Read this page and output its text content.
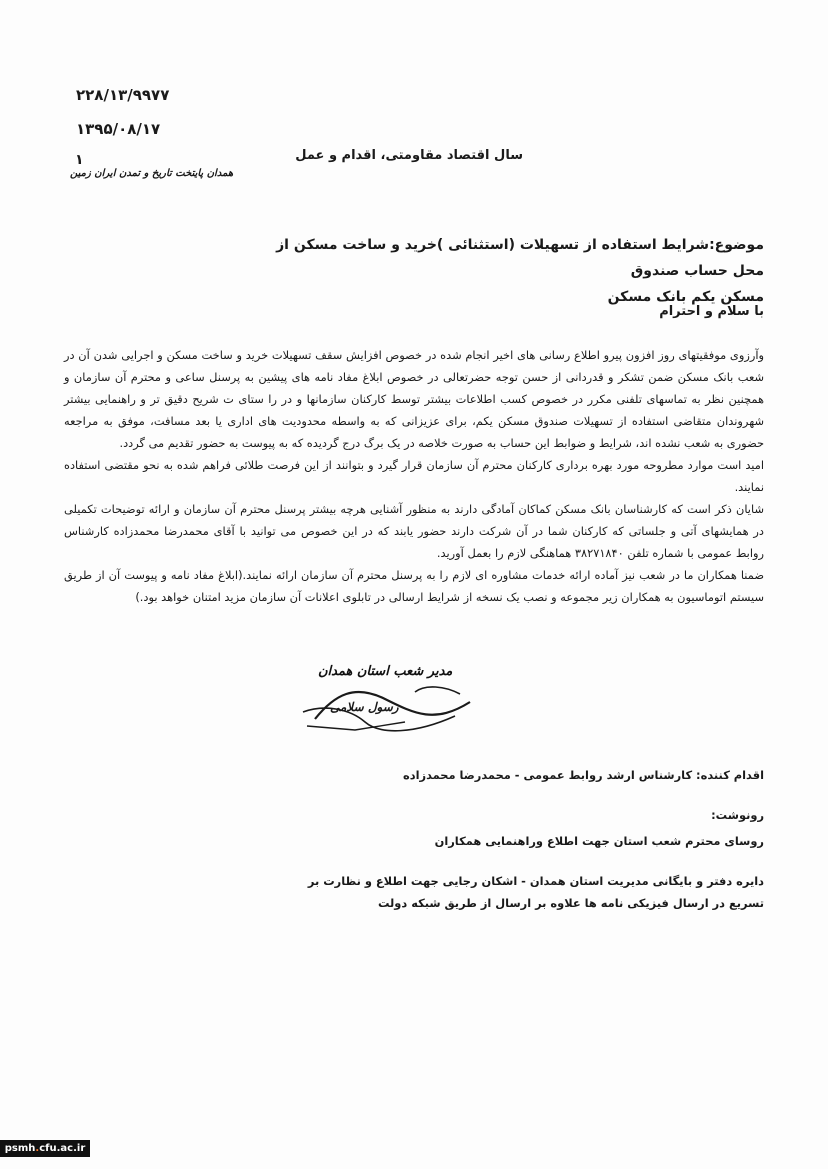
۲۲۸/۱۳/۹۹۷۷
۱۳۹۵/۰۸/۱۷
۱	سال اقتصاد مقاومتی، اقدام و عمل
همدان پایتخت تاریخ و تمدن ایران زمین
موضوع:شرایط استفاده از تسهیلات (استثنائی )خرید و ساخت مسکن از محل حساب صندوق
مسکن یکم بانک مسکن
با سلام و احترام

وآرزوی موفقیتهای روز افزون پیرو اطلاع رسانی های اخیر انجام شده در خصوص افزایش سقف تسهیلات خرید و ساخت مسکن و اجرایی شدن آن در شعب بانک مسکن ضمن تشکر و قدردانی از حسن توجه حضرتعالی در خصوص ابلاغ مفاد نامه های پیشین به پرسنل ساعی و محترم آن سازمان و همچنین نظر به تماسهای تلفنی مکرر در خصوص کسب اطلاعات بیشتر توسط کارکنان سازمانها و در را ستای ت شریح دقیق تر و راهنمایی بیشتر شهروندان متقاضی استفاده از تسهیلات صندوق مسکن یکم، برای عزیزانی که به واسطه محدودیت های اداری یا بعد مسافت، موفق به مراجعه حضوری به شعب نشده اند، شرایط و ضوابط این حساب به صورت خلاصه در یک برگ درج گردیده که به پیوست به حضور تقدیم می گردد.

امید است موارد مطروحه مورد بهره برداری کارکنان محترم آن سازمان قرار گیرد و بتوانند از این فرصت طلائی فراهم شده به نحو مقتضی استفاده نمایند.

شایان ذکر است که کارشناسان بانک مسکن کماکان آمادگی دارند به منظور آشنایی هرچه بیشتر پرسنل محترم آن سازمان و ارائه توضیحات تکمیلی در همایشهای آتی و جلساتی که کارکنان شما در آن شرکت دارند حضور یابند که در این خصوص می توانید با آقای محمدرضا محمدزاده کارشناس روابط عمومی با شماره تلفن ۳۸۲۷۱۸۴۰ هماهنگی لازم را بعمل آورید.

ضمنا همکاران ما در شعب نیز آماده ارائه خدمات مشاوره ای لازم را به پرسنل محترم آن سازمان ارائه نمایند.(ابلاغ مفاد نامه و پیوست آن از طریق سیستم اتوماسیون به همکاران زیر مجموعه و نصب یک نسخه از شرایط ارسالی در تابلوی اعلانات آن سازمان مزید امتنان خواهد بود.)

مدیر شعب استان همدان
رسول سلامی
اقدام کننده: کارشناس ارشد روابط عمومی - محمدرضا محمدزاده
رونوشت:
روسای محترم شعب استان جهت اطلاع وراهنمایی همکاران
دایره دفتر و بایگانی مدیریت استان همدان - اشکان رجایی جهت اطلاع و نظارت بر تسریع در ارسال فیزیکی نامه ها علاوه بر ارسال از طریق شبکه دولت
psmh.cfu.ac.ir
